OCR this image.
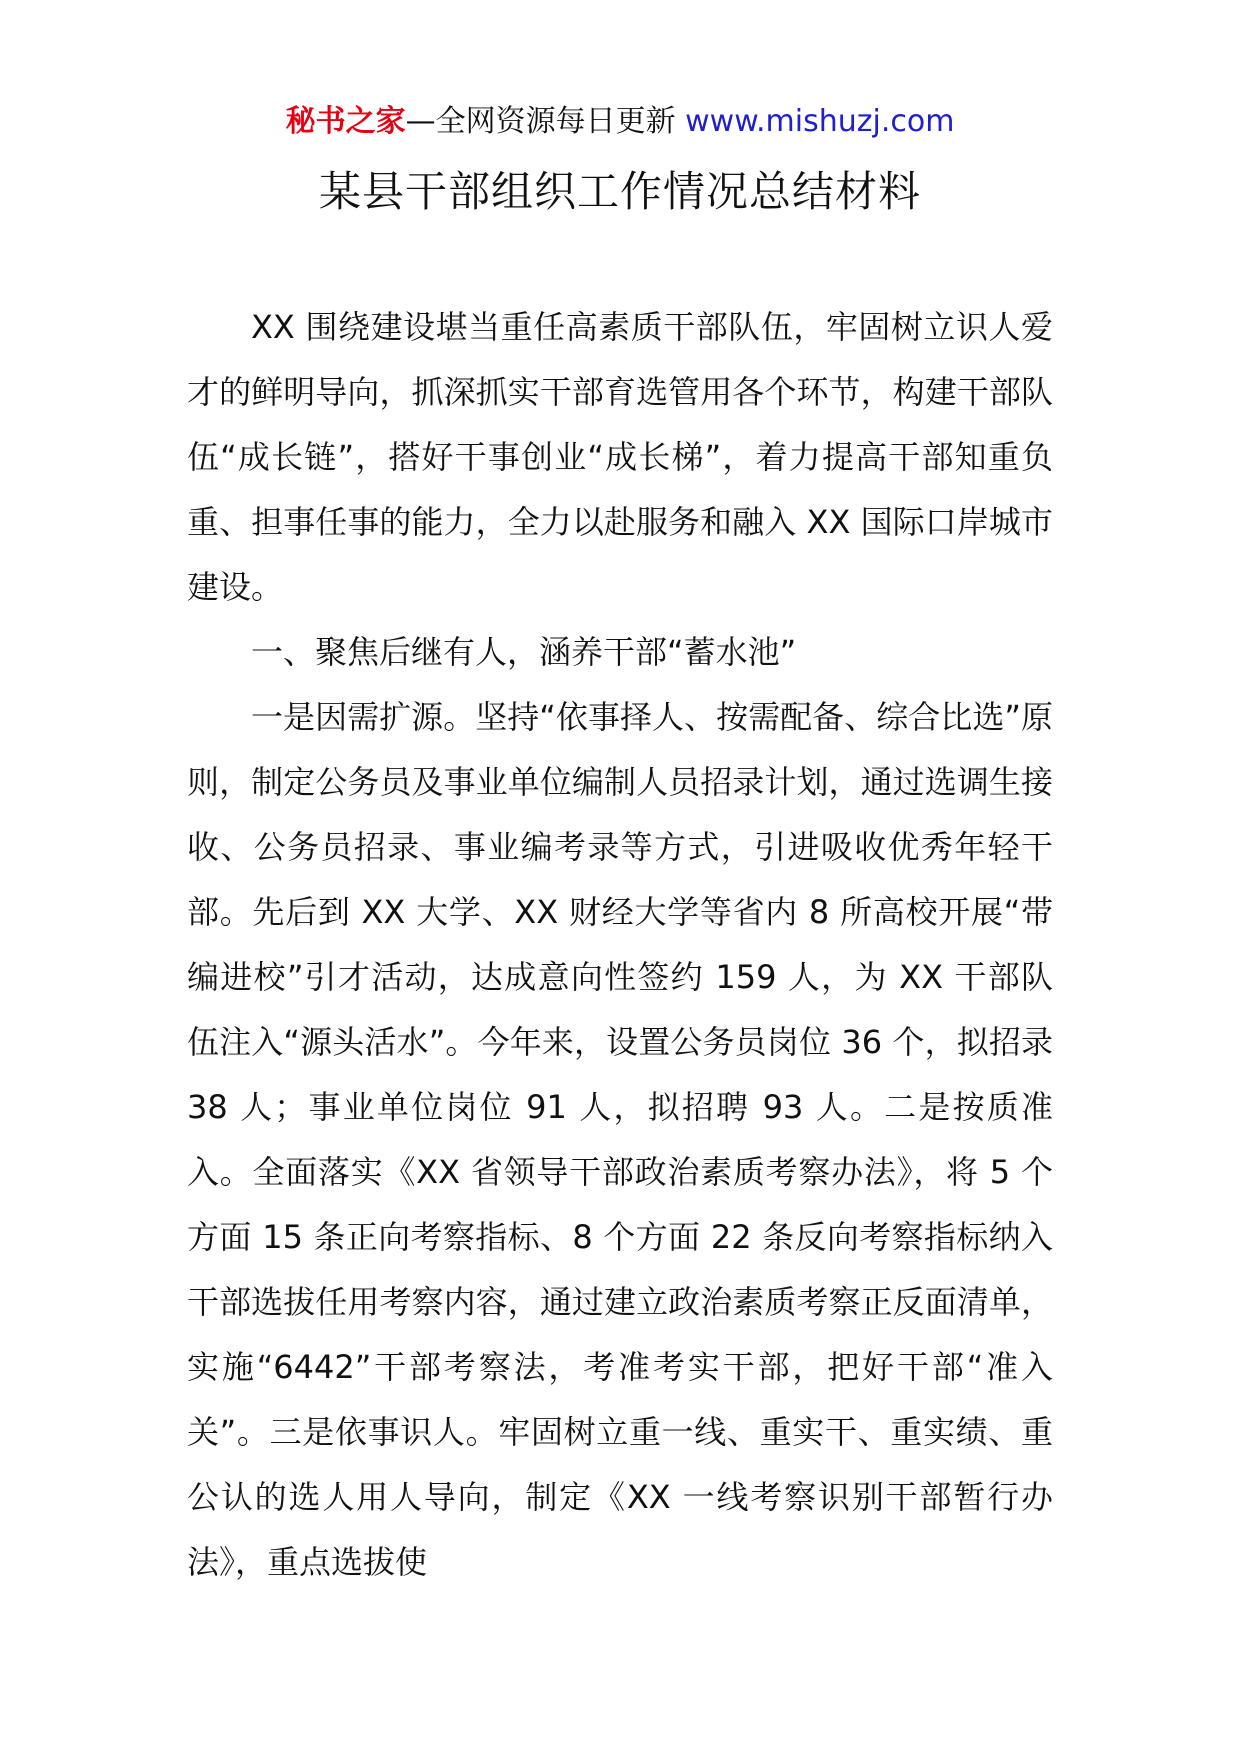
秘书之家—全网资源每日更新 www.mishuzj.com
某县干部组织工作情况总结材料

XX 围绕建设堪当重任高素质干部队伍，牢固树立识人爱才的鲜明导向，抓深抓实干部育选管用各个环节，构建干部队伍“成长链”，搭好干事创业“成长梯”，着力提高干部知重负重、担事任事的能力，全力以赴服务和融入 XX 国际口岸城市建设。

一、聚焦后继有人，涵养干部“蓄水池”

一是因需扩源。坚持“依事择人、按需配备、综合比选”原则，制定公务员及事业单位编制人员招录计划，通过选调生接收、公务员招录、事业编考录等方式，引进吸收优秀年轻干部。先后到 XX 大学、XX 财经大学等省内 8 所高校开展“带编进校”引才活动，达成意向性签约 159 人，为 XX 干部队伍注入“源头活水”。今年来，设置公务员岗位 36 个，拟招录 38 人；事业单位岗位 91 人，拟招聘 93 人。二是按质准入。全面落实《XX 省领导干部政治素质考察办法》，将 5 个方面 15 条正向考察指标、8 个方面 22 条反向考察指标纳入干部选拔任用考察内容，通过建立政治素质考察正反面清单，实施“6442”干部考察法，考准考实干部，把好干部“准入关”。三是依事识人。牢固树立重一线、重实干、重实绩、重公认的选人用人导向，制定《XX 一线考察识别干部暂行办法》，重点选拔使
